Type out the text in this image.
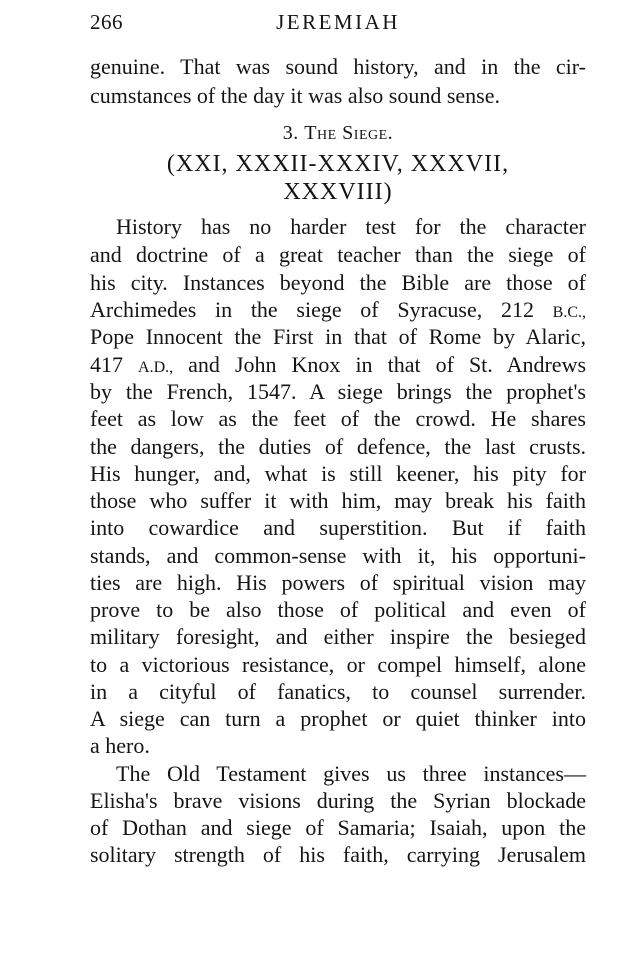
266	JEREMIAH
genuine. That was sound history, and in the cir-
cumstances of the day it was also sound sense.
3. The Siege.
(XXI, XXXII-XXXIV, XXXVII,
XXXVIII)
History has no harder test for the character
and doctrine of a great teacher than the siege of
his city. Instances beyond the Bible are those of
Archimedes in the siege of Syracuse, 212 B.C.,
Pope Innocent the First in that of Rome by Alaric,
417 A.D., and John Knox in that of St. Andrews
by the French, 1547. A siege brings the prophet's
feet as low as the feet of the crowd. He shares
the dangers, the duties of defence, the last crusts.
His hunger, and, what is still keener, his pity for
those who suffer it with him, may break his faith
into cowardice and superstition. But if faith
stands, and common-sense with it, his opportuni-
ties are high. His powers of spiritual vision may
prove to be also those of political and even of
military foresight, and either inspire the besieged
to a victorious resistance, or compel himself, alone
in a cityful of fanatics, to counsel surrender.
A siege can turn a prophet or quiet thinker into
a hero.
The Old Testament gives us three instances—
Elisha's brave visions during the Syrian blockade
of Dothan and siege of Samaria; Isaiah, upon the
solitary strength of his faith, carrying Jerusalem
